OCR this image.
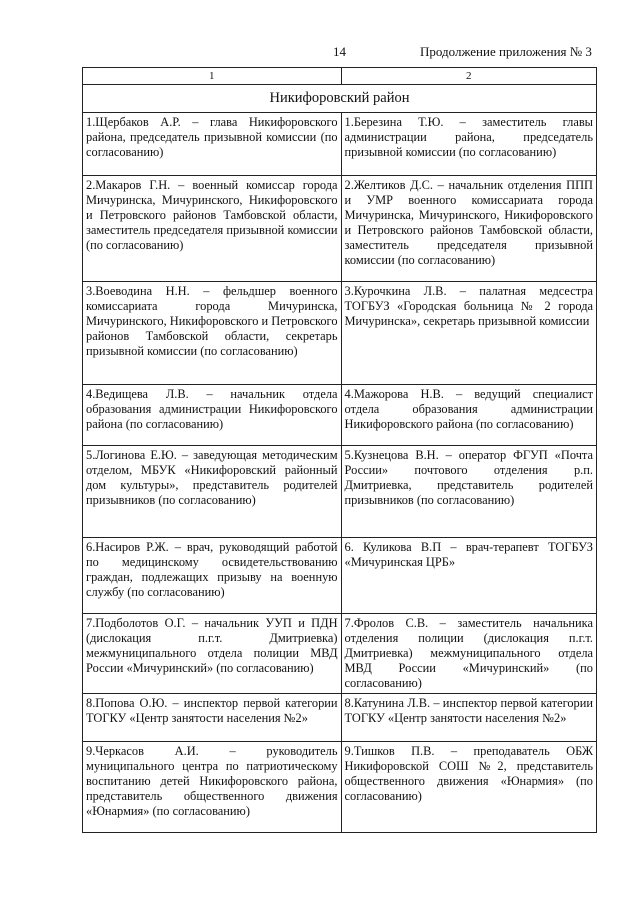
14	Продолжение приложения № 3
1	2
Никифоровский район	
1.Щербаков А.Р. – глава Никифоровского района, председатель призывной комиссии (по согласованию)	1.Березина Т.Ю. – заместитель главы администрации района, председатель призывной комиссии (по согласованию)
2.Макаров Г.Н. – военный комиссар города Мичуринска, Мичуринского, Никифоровского и Петровского районов Тамбовской области, заместитель председателя призывной комиссии (по согласованию)	2.Желтиков Д.С. – начальник отделения ППП и УМР военного комиссариата города Мичуринска, Мичуринского, Никифоровского и Петровского районов Тамбовской области, заместитель председателя призывной комиссии (по согласованию)
3.Воеводина Н.Н. – фельдшер военного комиссариата города Мичуринска, Мичуринского, Никифоровского и Петровского районов Тамбовской области, секретарь призывной комиссии (по согласованию)	3.Курочкина Л.В. – палатная медсестра ТОГБУЗ «Городская больница № 2 города Мичуринска», секретарь призывной комиссии
4.Ведищева Л.В. – начальник отдела образования администрации Никифоровского района (по согласованию)	4.Мажорова Н.В. – ведущий специалист отдела образования администрации Никифоровского района (по согласованию)
5.Логинова Е.Ю. – заведующая методическим отделом, МБУК «Никифоровский районный дом культуры», представитель родителей призывников (по согласованию)	5.Кузнецова В.Н. – оператор ФГУП «Почта России» почтового отделения р.п. Дмитриевка, представитель родителей призывников (по согласованию)
6.Насиров Р.Ж. – врач, руководящий работой по медицинскому освидетельствованию граждан, подлежащих призыву на военную службу (по согласованию)	6. Куликова В.П – врач-терапевт ТОГБУЗ «Мичуринская ЦРБ»
7.Подболотов О.Г. – начальник УУП и ПДН (дислокация п.г.т. Дмитриевка) межмуниципального отдела полиции МВД России «Мичуринский» (по согласованию)	7.Фролов С.В. – заместитель начальника отделения полиции (дислокация п.г.т. Дмитриевка) межмуниципального отдела МВД России «Мичуринский» (по согласованию)
8.Попова О.Ю. – инспектор первой категории ТОГКУ «Центр занятости населения №2»	8.Катунина Л.В. – инспектор первой категории ТОГКУ «Центр занятости населения №2»
9.Черкасов А.И. – руководитель муниципального центра по патриотическому воспитанию детей Никифоровского района, представитель общественного движения «Юнармия» (по согласованию)	9.Тишков П.В. – преподаватель ОБЖ Никифоровской СОШ №2, представитель общественного движения «Юнармия» (по согласованию)
